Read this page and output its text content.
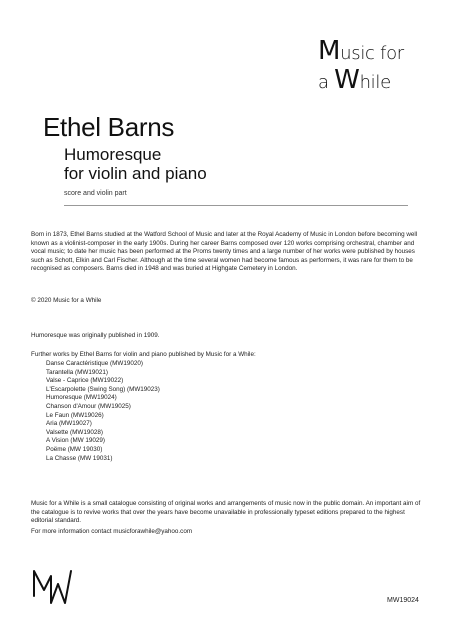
Music for
a While
Ethel Barns
Humoresque
for violin and piano
score and violin part
Born in 1873, Ethel Barns studied at the Watford School of Music and later at the Royal Academy of Music in London before becoming well known as a violinist-composer in the early 1900s. During her career Barns composed over 120 works comprising orchestral, chamber and vocal music; to date her music has been performed at the Proms twenty times and a large number of her works were published by houses such as Schott, Elkin and Carl Fischer. Although at the time several women had become famous as performers, it was rare for them to be recognised as composers. Barns died in 1948 and was buried at Highgate Cemetery in London.
© 2020 Music for a While
Humoresque was originally published in 1909.
Further works by Ethel Barns for violin and piano published by Music for a While:
Danse Caractéristique (MW19020)
Tarantella (MW19021)
Valse - Caprice (MW19022)
L'Escarpolette (Swing Song) (MW19023)
Humoresque (MW19024)
Chanson d'Amour (MW19025)
Le Faun (MW19026)
Aria (MW19027)
Valsette (MW19028)
A Vision (MW 19029)
Poëme (MW 19030)
La Chasse (MW 19031)
Music for a While is a small catalogue consisting of original works and arrangements of music now in the public domain. An important aim of the catalogue is to revive works that over the years have become unavailable in professionally typeset editions prepared to the highest editorial standard.
For more information contact musicforawhile@yahoo.com
MW19024
